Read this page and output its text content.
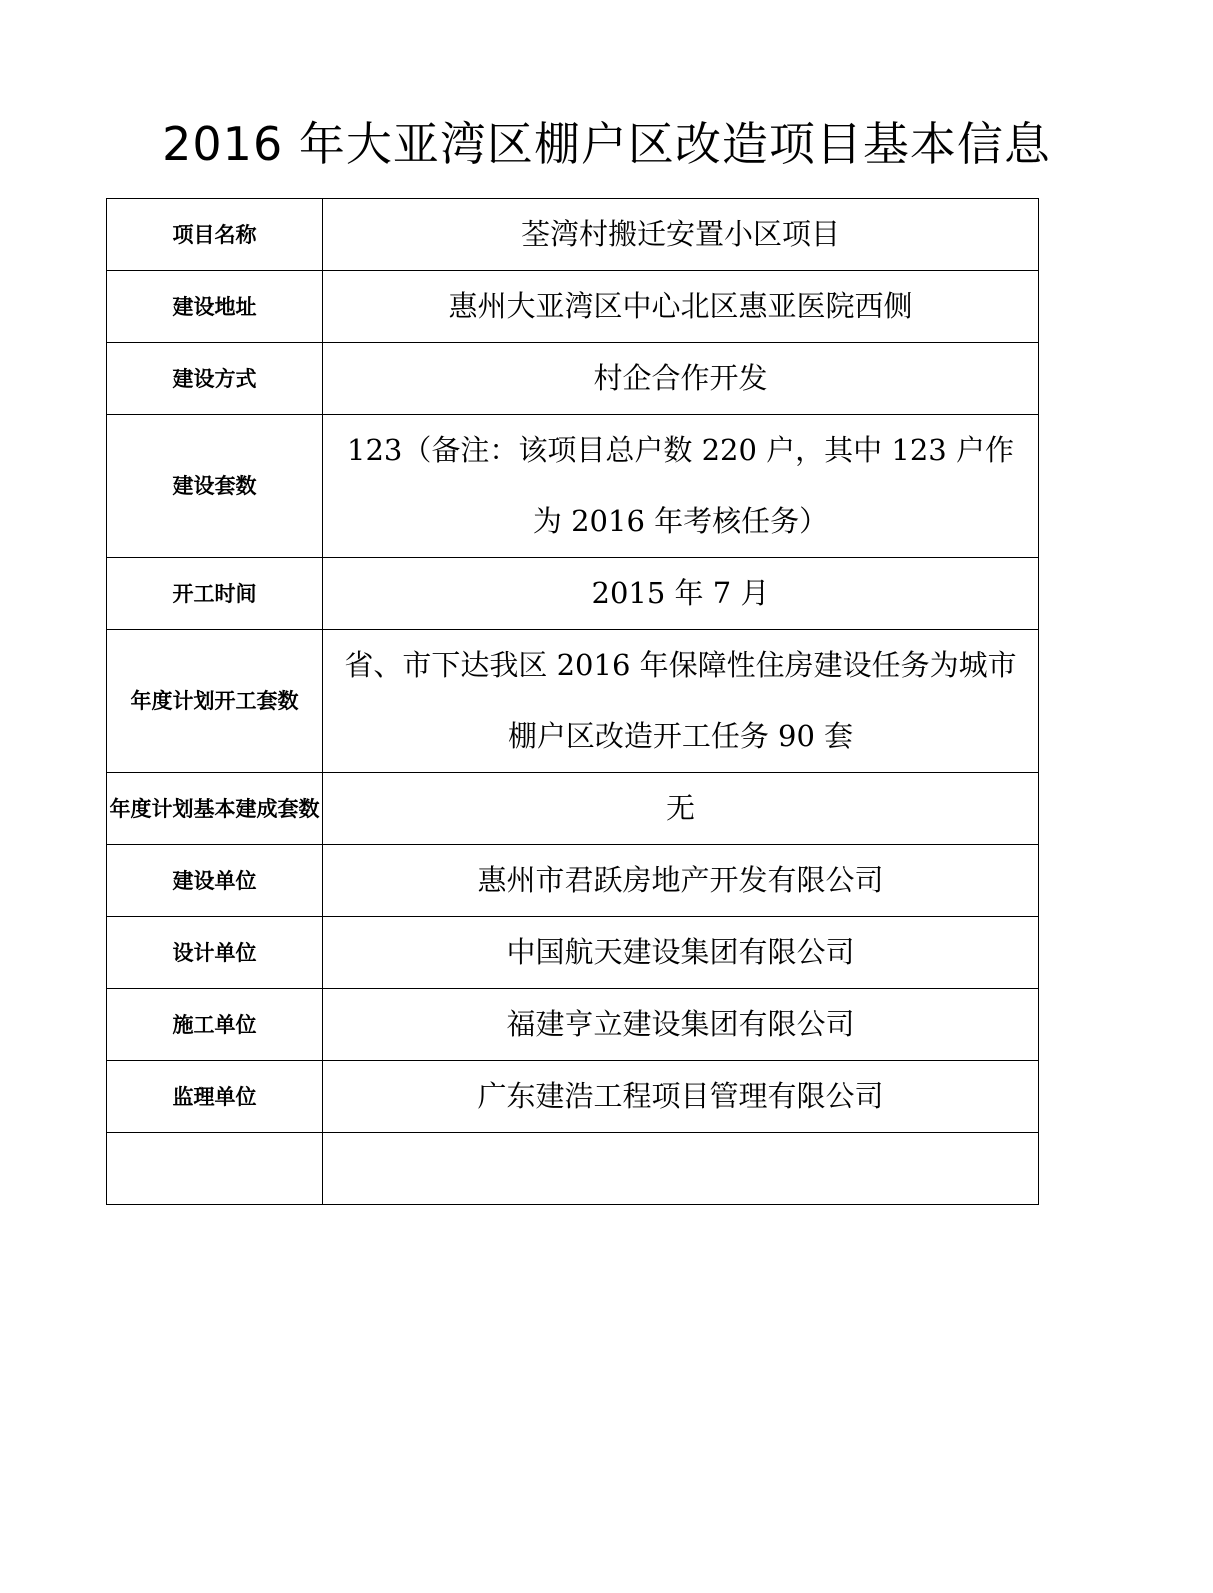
2016 年大亚湾区棚户区改造项目基本信息
项目名称	荃湾村搬迁安置小区项目
建设地址	惠州大亚湾区中心北区惠亚医院西侧
建设方式	村企合作开发
建设套数	123（备注：该项目总户数 220 户，其中 123 户作为 2016 年考核任务）
开工时间	2015 年 7 月
年度计划开工套数	省、市下达我区 2016 年保障性住房建设任务为城市棚户区改造开工任务 90 套
年度计划基本建成套数	无
建设单位	惠州市君跃房地产开发有限公司
设计单位	中国航天建设集团有限公司
施工单位	福建亨立建设集团有限公司
监理单位	广东建浩工程项目管理有限公司
